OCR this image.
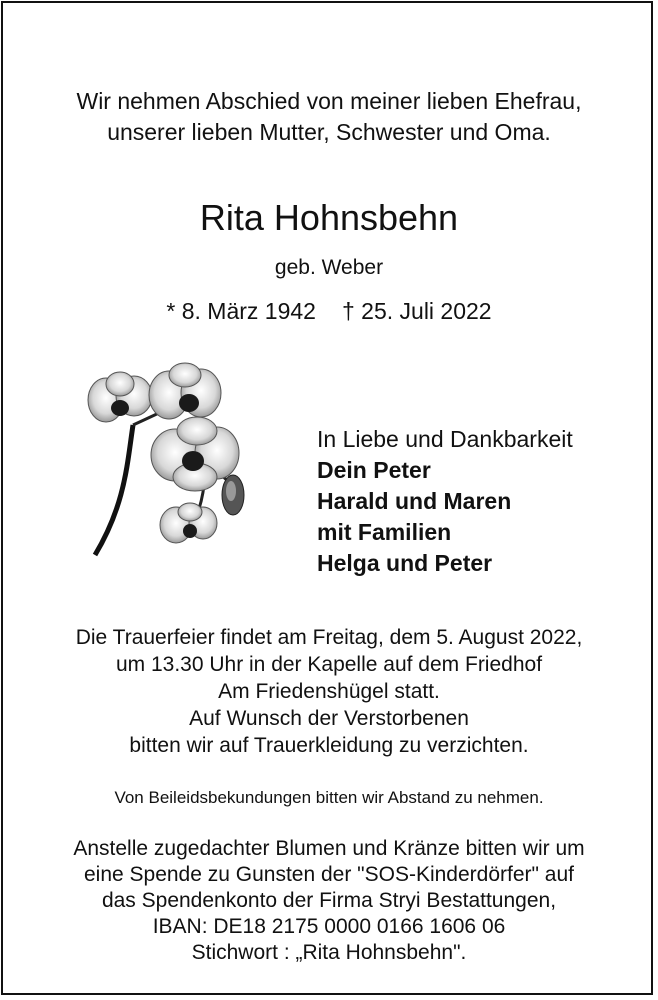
Wir nehmen Abschied von meiner lieben Ehefrau,
unserer lieben Mutter, Schwester und Oma.
Rita Hohnsbehn
geb. Weber
* 8. März 1942 † 25. Juli 2022
In Liebe und Dankbarkeit
Dein Peter
Harald und Maren
mit Familien
Helga und Peter
Die Trauerfeier findet am Freitag, dem 5. August 2022,
um 13.30 Uhr in der Kapelle auf dem Friedhof
Am Friedenshügel statt.
Auf Wunsch der Verstorbenen
bitten wir auf Trauerkleidung zu verzichten.
Von Beileidsbekundungen bitten wir Abstand zu nehmen.
Anstelle zugedachter Blumen und Kränze bitten wir um
eine Spende zu Gunsten der "SOS-Kinderdörfer" auf
das Spendenkonto der Firma Stryi Bestattungen,
IBAN: DE18 2175 0000 0166 1606 06
Stichwort : „Rita Hohnsbehn".
